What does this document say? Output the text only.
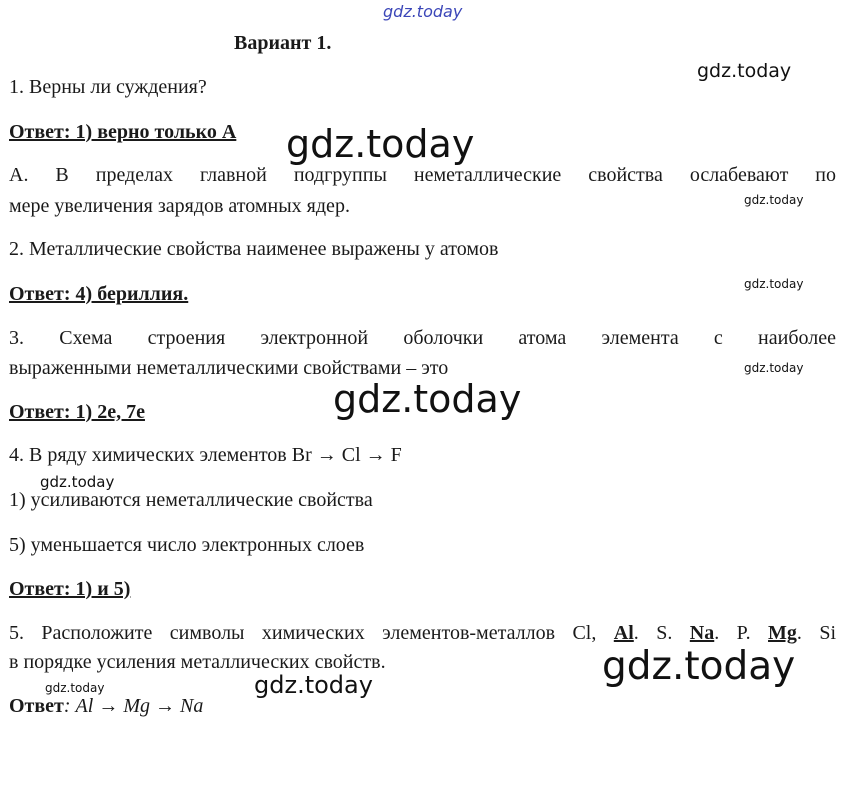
gdz.today
Вариант 1.
1. Верны ли суждения?
Ответ: 1) верно только А
А. В пределах главной подгруппы неметаллические свойства ослабевают по
мере увеличения зарядов атомных ядер.
2. Металлические свойства наименее выражены у атомов
Ответ: 4) бериллия.
3. Схема строения электронной оболочки атома элемента с наиболее
выраженными неметаллическими свойствами – это
Ответ: 1) 2е, 7е
4. В ряду химических элементов Br → Cl → F
1) усиливаются неметаллические свойства
5) уменьшается число электронных слоев
Ответ: 1) и 5)
5. Расположите символы химических элементов-металлов Cl, Al. S. Na. P. Mg. Si
в порядке усиления металлических свойств.
Ответ: Al → Mg → Na
gdz.today
gdz.today
gdz.today
gdz.today
gdz.today
gdz.today
gdz.today
gdz.today
gdz.today
gdz.today
